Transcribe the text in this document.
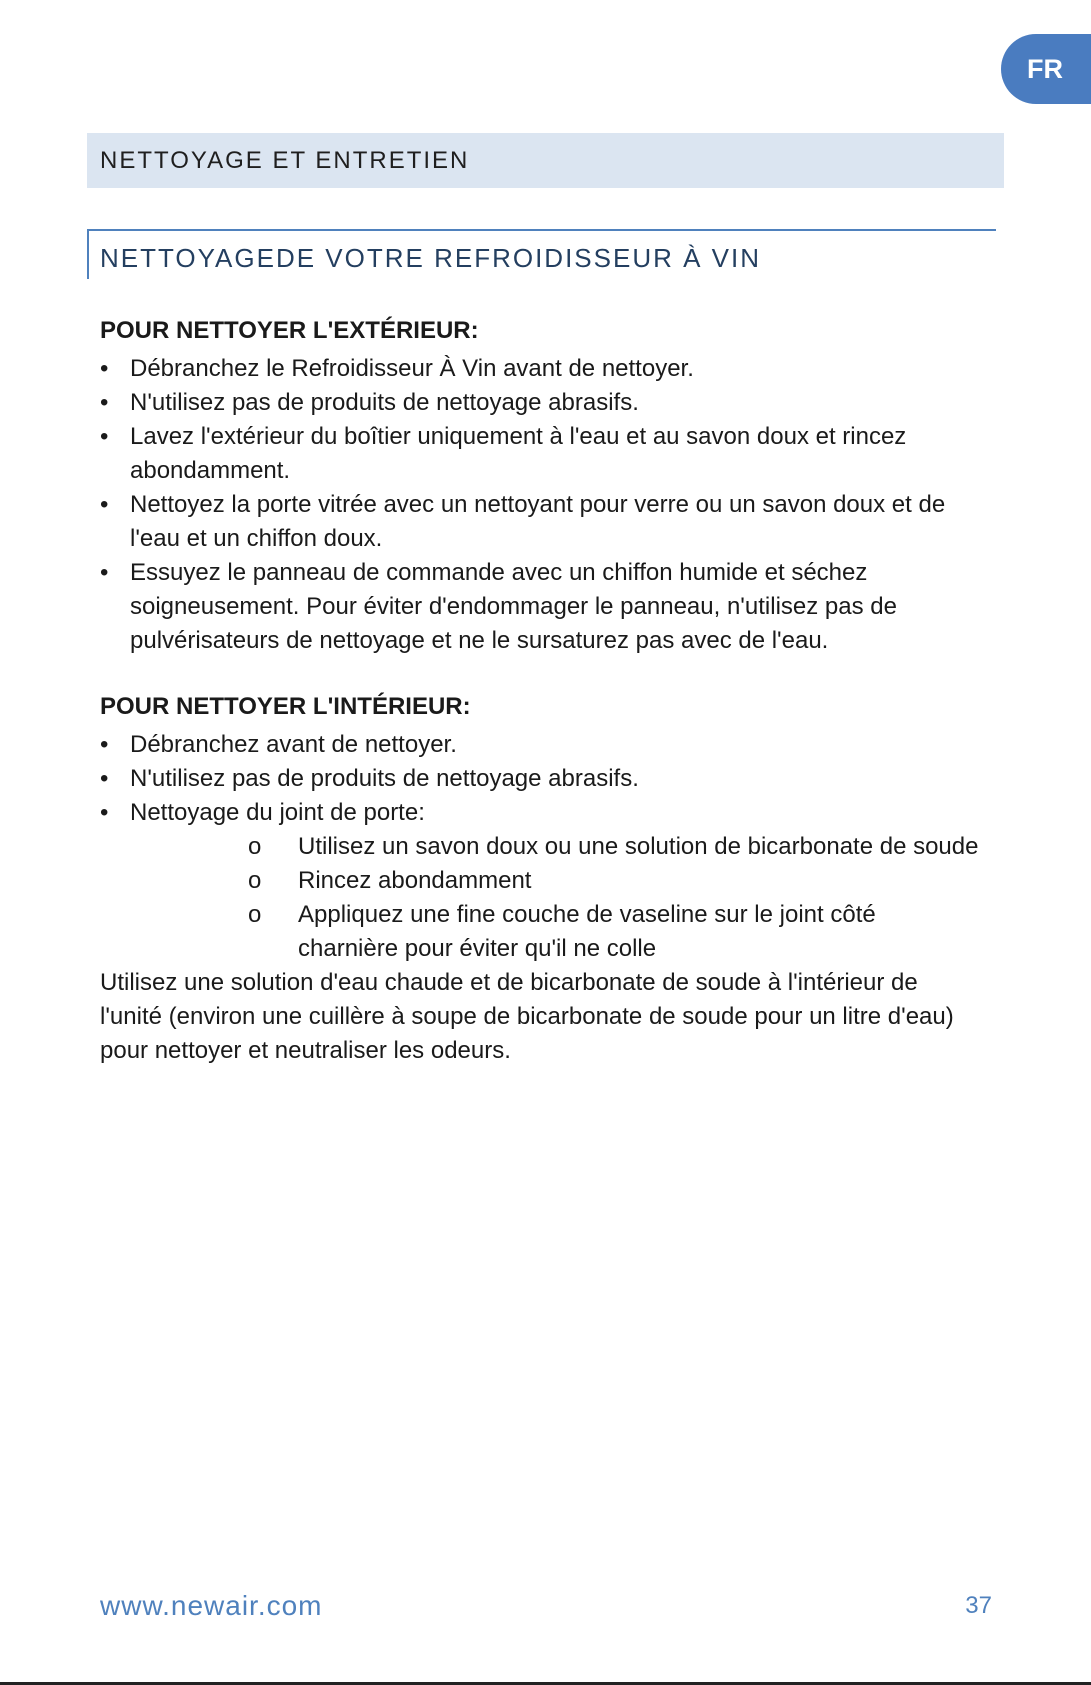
FR
NETTOYAGE ET ENTRETIEN
NETTOYAGEDE VOTRE REFROIDISSEUR À VIN

POUR NETTOYER L'EXTÉRIEUR:

• Débranchez le Refroidisseur À Vin avant de nettoyer.
• N'utilisez pas de produits de nettoyage abrasifs.
• Lavez l'extérieur du boîtier uniquement à l'eau et au savon doux et rincez abondamment.
• Nettoyez la porte vitrée avec un nettoyant pour verre ou un savon doux et de l'eau et un chiffon doux.
• Essuyez le panneau de commande avec un chiffon humide et séchez soigneusement. Pour éviter d'endommager le panneau, n'utilisez pas de pulvérisateurs de nettoyage et ne le sursaturez pas avec de l'eau.

POUR NETTOYER L'INTÉRIEUR:

• Débranchez avant de nettoyer.
• N'utilisez pas de produits de nettoyage abrasifs.
• Nettoyage du joint de porte:
o	Utilisez un savon doux ou une solution de bicarbonate de soude
o	Rincez abondamment
o	Appliquez une fine couche de vaseline sur le joint côté charnière pour éviter qu'il ne colle

Utilisez une solution d'eau chaude et de bicarbonate de soude à l'intérieur de l'unité (environ une cuillère à soupe de bicarbonate de soude pour un litre d'eau) pour nettoyer et neutraliser les odeurs.

www.newair.com	37
